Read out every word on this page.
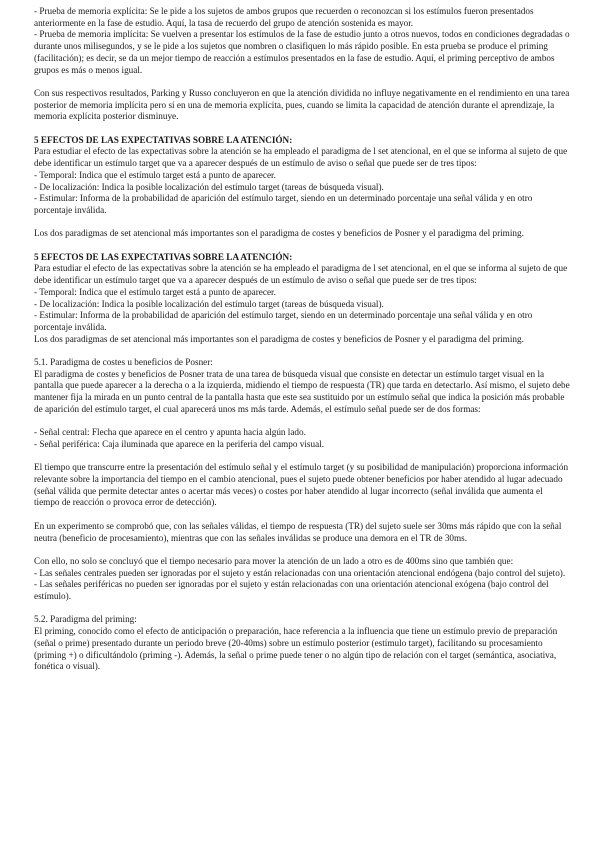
- Prueba de memoria explícita: Se le pide a los sujetos de ambos grupos que recuerden o reconozcan si los estímulos fueron presentados anteriormente en la fase de estudio. Aquí, la tasa de recuerdo del grupo de atención sostenida es mayor.

- Prueba de memoria implícita: Se vuelven a presentar los estímulos de la fase de estudio junto a otros nuevos, todos en condiciones degradadas o durante unos milisegundos, y se le pide a los sujetos que nombren o clasifiquen lo más rápido posible. En esta prueba se produce el priming (facilitación); es decir, se da un mejor tiempo de reacción a estímulos presentados en la fase de estudio. Aquí, el priming perceptivo de ambos grupos es más o menos igual.

Con sus respectivos resultados, Parking y Russo concluyeron en que la atención dividida no influye negativamente en el rendimiento en una tarea posterior de memoria implícita pero sí en una de memoria explícita, pues, cuando se limita la capacidad de atención durante el aprendizaje, la memoria explícita posterior disminuye.

5 EFECTOS DE LAS EXPECTATIVAS SOBRE LA ATENCIÓN:

Para estudiar el efecto de las expectativas sobre la atención se ha empleado el paradigma de l set atencional, en el que se informa al sujeto de que debe identificar un estímulo target que va a aparecer después de un estímulo de aviso o señal que puede ser de tres tipos:

- Temporal: Indica que el estímulo target está a punto de aparecer.

- De localización: Indica la posible localización del estímulo target (tareas de búsqueda visual).

- Estimular: Informa de la probabilidad de aparición del estímulo target, siendo en un determinado porcentaje una señal válida y en otro porcentaje inválida.

Los dos paradigmas de set atencional más importantes son el paradigma de costes y beneficios de Posner y el paradigma del priming.

5 EFECTOS DE LAS EXPECTATIVAS SOBRE LA ATENCIÓN:

Para estudiar el efecto de las expectativas sobre la atención se ha empleado el paradigma de l set atencional, en el que se informa al sujeto de que debe identificar un estímulo target que va a aparecer después de un estímulo de aviso o señal que puede ser de tres tipos:

- Temporal: Indica que el estímulo target está a punto de aparecer.

- De localización: Indica la posible localización del estímulo target (tareas de búsqueda visual).

- Estimular: Informa de la probabilidad de aparición del estímulo target, siendo en un determinado porcentaje una señal válida y en otro porcentaje inválida.

Los dos paradigmas de set atencional más importantes son el paradigma de costes y beneficios de Posner y el paradigma del priming.

5.1. Paradigma de costes u beneficios de Posner:

El paradigma de costes y beneficios de Posner trata de una tarea de búsqueda visual que consiste en detectar un estímulo target visual en la pantalla que puede aparecer a la derecha o a la izquierda, midiendo el tiempo de respuesta (TR) que tarda en detectarlo. Así mismo, el sujeto debe mantener fija la mirada en un punto central de la pantalla hasta que este sea sustituido por un estímulo señal que indica la posición más probable de aparición del estímulo target, el cual aparecerá unos ms más tarde. Además, el estímulo señal puede ser de dos formas:

- Señal central: Flecha que aparece en el centro y apunta hacia algún lado.

- Señal periférica: Caja iluminada que aparece en la periferia del campo visual.

El tiempo que transcurre entre la presentación del estímulo señal y el estímulo target (y su posibilidad de manipulación) proporciona información relevante sobre la importancia del tiempo en el cambio atencional, pues el sujeto puede obtener beneficios por haber atendido al lugar adecuado (señal válida que permite detectar antes o acertar más veces) o costes por haber atendido al lugar incorrecto (señal inválida que aumenta el tiempo de reacción o provoca error de detección).

En un experimento se comprobó que, con las señales válidas, el tiempo de respuesta (TR) del sujeto suele ser 30ms más rápido que con la señal neutra (beneficio de procesamiento), mientras que con las señales inválidas se produce una demora en el TR de 30ms.

Con ello, no solo se concluyó que el tiempo necesario para mover la atención de un lado a otro es de 400ms sino que también que:

- Las señales centrales pueden ser ignoradas por el sujeto y están relacionadas con una orientación atencional endógena (bajo control del sujeto).

- Las señales periféricas no pueden ser ignoradas por el sujeto y están relacionadas con una orientación atencional exógena (bajo control del estímulo).

5.2. Paradigma del priming:

El priming, conocido como el efecto de anticipación o preparación, hace referencia a la influencia que tiene un estímulo previo de preparación (señal o prime) presentado durante un periodo breve (20-40ms) sobre un estímulo posterior (estímulo target), facilitando su procesamiento (priming +) o dificultándolo (priming -). Además, la señal o prime puede tener o no algún tipo de relación con el target (semántica, asociativa, fonética o visual).
